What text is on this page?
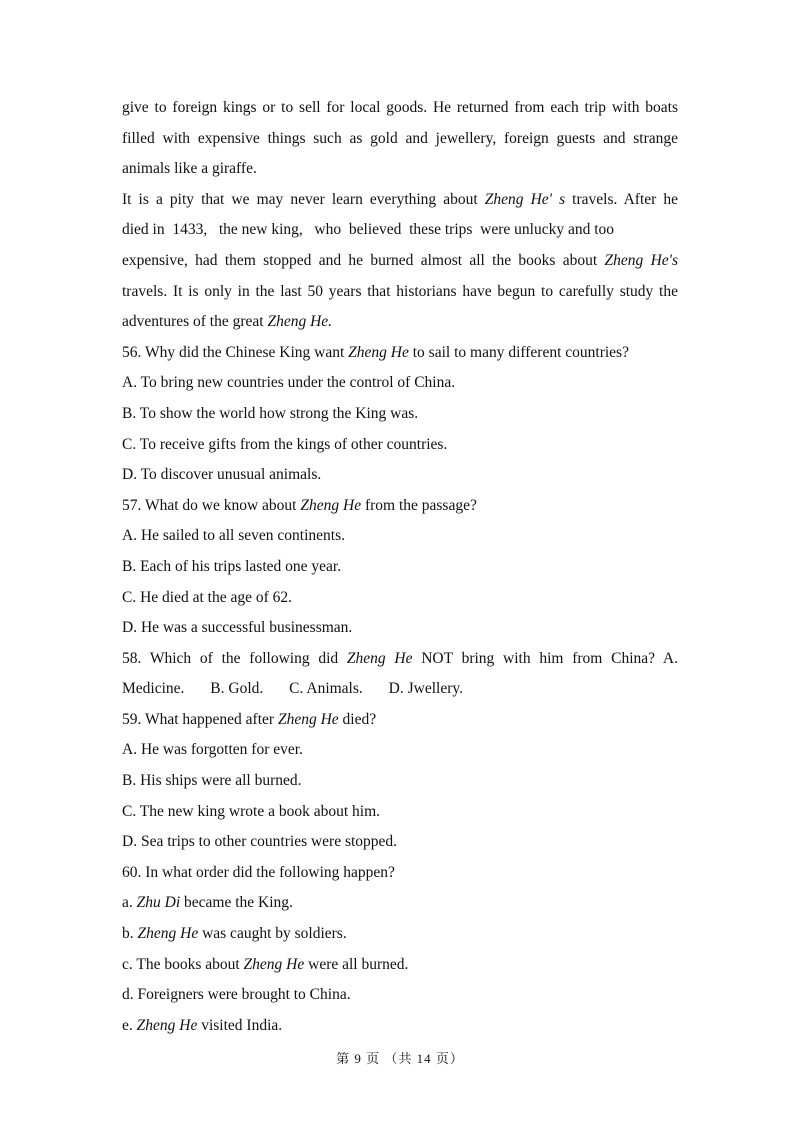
give to foreign kings or to sell for local goods. He returned from each trip with boats
filled with expensive things such as gold and jewellery, foreign guests and strange
animals like a giraffe.
It is a pity that we may never learn everything about Zheng He' s travels. After he
died in  1433,   the new king,   who  believed  these trips  were unlucky and too
expensive, had them stopped and he burned almost all the books about Zheng He's
travels. It is only in the last 50 years that historians have begun to carefully study the
adventures of the great Zheng He.
56. Why did the Chinese King want Zheng He to sail to many different countries?
A. To bring new countries under the control of China.
B. To show the world how strong the King was.
C. To receive gifts from the kings of other countries.
D. To discover unusual animals.
57. What do we know about Zheng He from the passage?
A. He sailed to all seven continents.
B. Each of his trips lasted one year.
C. He died at the age of 62.
D. He was a successful businessman.
58. Which of the following did Zheng He NOT bring with him from China? A.
Medicine. B. Gold. C. Animals. D. Jwellery.
59. What happened after Zheng He died?
A. He was forgotten for ever.
B. His ships were all burned.
C. The new king wrote a book about him.
D. Sea trips to other countries were stopped.
60. In what order did the following happen?
a. Zhu Di became the King.
b. Zheng He was caught by soldiers.
c. The books about Zheng He were all burned.
d. Foreigners were brought to China.
e. Zheng He visited India.
第 9 页 （共 14 页）
